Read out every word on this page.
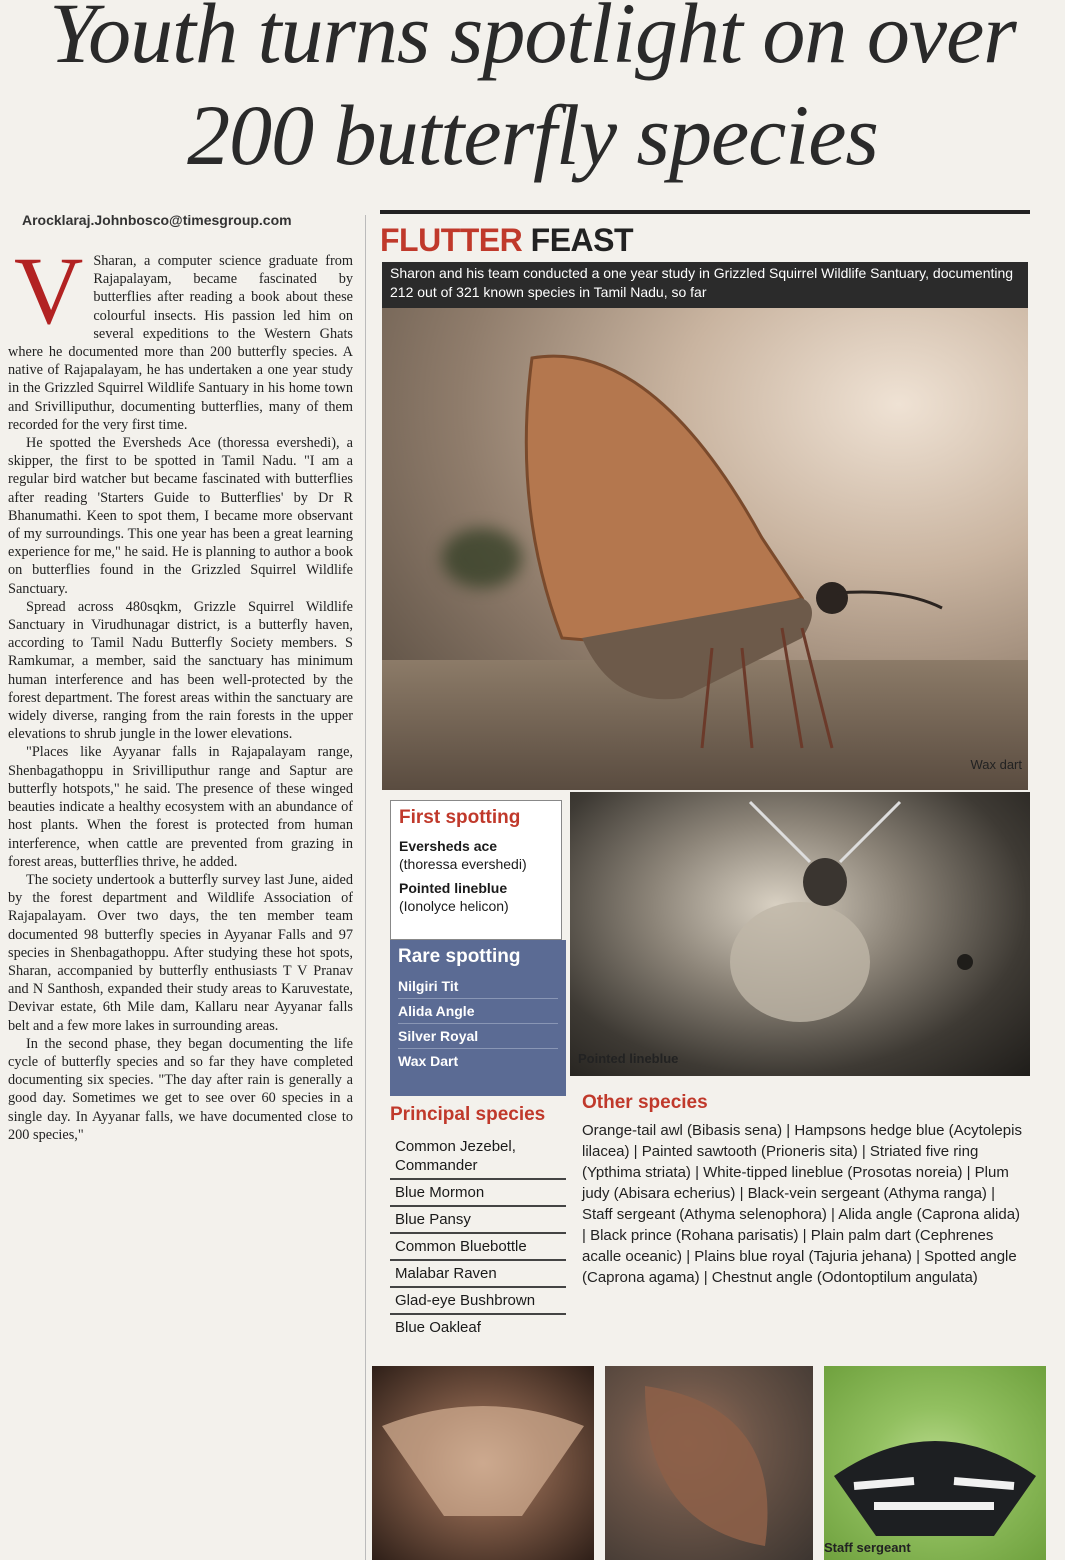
Youth turns spotlight on over 200 butterfly species
Arocklaraj.Johnbosco@timesgroup.com

V Sharan, a computer science graduate from Rajapalayam, became fascinated by butterflies after reading a book about these colourful insects. His passion led him on several expeditions to the Western Ghats where he documented more than 200 butterfly species. A native of Rajapalayam, he has undertaken a one year study in the Grizzled Squirrel Wildlife Santuary in his home town and Srivilliputhur, documenting butterflies, many of them recorded for the very first time.

He spotted the Eversheds Ace (thoressa evershedi), a skipper, the first to be spotted in Tamil Nadu. "I am a regular bird watcher but became fascinated with butterflies after reading 'Starters Guide to Butterflies' by Dr R Bhanumathi. Keen to spot them, I became more observant of my surroundings. This one year has been a great learning experience for me," he said. He is planning to author a book on butterflies found in the Grizzled Squirrel Wildlife Sanctuary.

Spread across 480sqkm, Grizzle Squirrel Wildlife Sanctuary in Virudhunagar district, is a butterfly haven, according to Tamil Nadu Butterfly Society members. S Ramkumar, a member, said the sanctuary has minimum human interference and has been well-protected by the forest department. The forest areas within the sanctuary are widely diverse, ranging from the rain forests in the upper elevations to shrub jungle in the lower elevations.

"Places like Ayyanar falls in Rajapalayam range, Shenbagathoppu in Srivilliputhur range and Saptur are butterfly hotspots," he said. The presence of these winged beauties indicate a healthy ecosystem with an abundance of host plants. When the forest is protected from human interference, when cattle are prevented from grazing in forest areas, butterflies thrive, he added.

The society undertook a butterfly survey last June, aided by the forest department and Wildlife Association of Rajapalayam. Over two days, the ten member team documented 98 butterfly species in Ayyanar Falls and 97 species in Shenbagathoppu. After studying these hot spots, Sharan, accompanied by butterfly enthusiasts T V Pranav and N Santhosh, expanded their study areas to Karuvestate, Devivar estate, 6th Mile dam, Kallaru near Ayyanar falls belt and a few more lakes in surrounding areas.

In the second phase, they began documenting the life cycle of butterfly species and so far they have completed documenting six species. "The day after rain is generally a good day. Sometimes we get to see over 60 species in a single day. In Ayyanar falls, we have documented close to 200 species,"

FLUTTER FEAST
Sharon and his team conducted a one year study in Grizzled Squirrel Wildlife Santuary, documenting 212 out of 321 known species in Tamil Nadu, so far
Wax dart
First spotting
Eversheds ace
(thoressa evershedi)
Pointed lineblue
(Ionolyce helicon)
Rare spotting
Nilgiri Tit
Alida Angle
Silver Royal
Wax Dart	Pointed lineblue
Principal species
Common Jezebel, Commander
Blue Mormon
Blue Pansy
Common Bluebottle
Malabar Raven
Glad-eye Bushbrown
Blue Oakleaf
Other species

Orange-tail awl (Bibasis sena) | Hampsons hedge blue (Acytolepis lilacea) | Painted sawtooth (Prioneris sita) | Striated five ring (Ypthima striata) | White-tipped lineblue (Prosotas noreia) | Plum judy (Abisara echerius) | Black-vein sergeant (Athyma ranga) | Staff sergeant (Athyma selenophora) | Alida angle (Caprona alida) | Black prince (Rohana parisatis) | Plain palm dart (Cephrenes acalle oceanic) | Plains blue royal (Tajuria jehana) | Spotted angle (Caprona agama) | Chestnut angle (Odontoptilum angulata)

Staff sergeant
